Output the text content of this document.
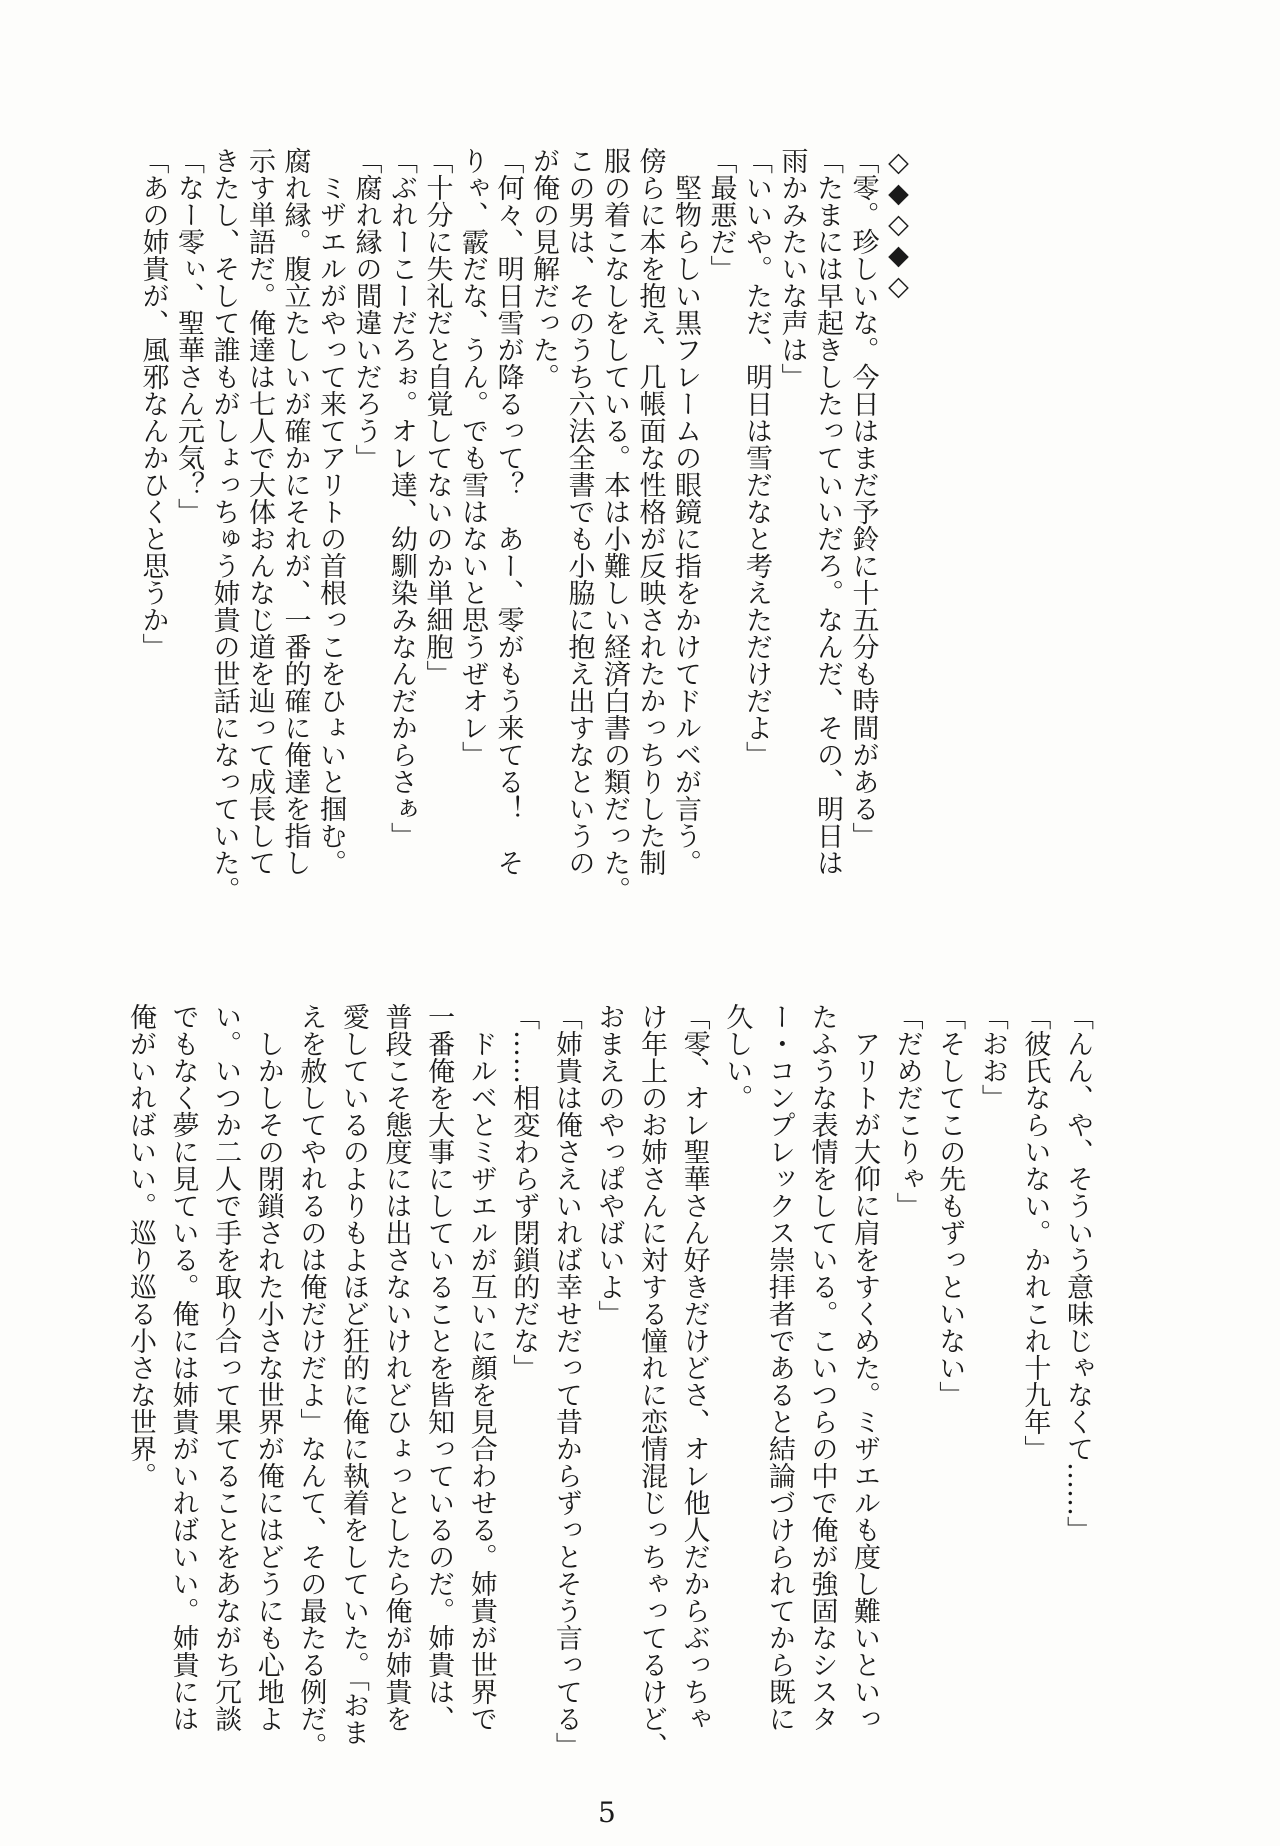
◇◆◇◆◇
「零。珍しいな。今日はまだ予鈴に十五分も時間がある」
「たまには早起きしたっていいだろ。なんだ、その、明日は
雨かみたいな声は」
「いいや。ただ、明日は雪だなと考えただけだよ」
「最悪だ」
　堅物らしい黒フレームの眼鏡に指をかけてドルベが言う。
傍らに本を抱え、几帳面な性格が反映されたかっちりした制
服の着こなしをしている。本は小難しい経済白書の類だった。
この男は、そのうち六法全書でも小脇に抱え出すなというの
が俺の見解だった。
「何々、明日雪が降るって？　あー、零がもう来てる！　そ
りゃ、霰だな、うん。でも雪はないと思うぜオレ」
「十分に失礼だと自覚してないのか単細胞」
「ぶれーこーだろぉ。オレ達、幼馴染みなんだからさぁ」
「腐れ縁の間違いだろう」
　ミザエルがやって来てアリトの首根っこをひょいと掴む。
腐れ縁。腹立たしいが確かにそれが、一番的確に俺達を指し
示す単語だ。俺達は七人で大体おんなじ道を辿って成長して
きたし、そして誰もがしょっちゅう姉貴の世話になっていた。
「なー零ぃ、聖華さん元気？」
「あの姉貴が、風邪なんかひくと思うか」
「んん、や、そういう意味じゃなくて……」
「彼氏ならいない。かれこれ十九年」
「おお」
「そしてこの先もずっといない」
「だめだこりゃ」
　アリトが大仰に肩をすくめた。ミザエルも度し難いといっ
たふうな表情をしている。こいつらの中で俺が強固なシスタ
ー・コンプレックス崇拝者であると結論づけられてから既に
久しい。
「零、オレ聖華さん好きだけどさ、オレ他人だからぶっちゃ
け年上のお姉さんに対する憧れに恋情混じっちゃってるけど、
おまえのやっぱやばいよ」
「姉貴は俺さえいれば幸せだって昔からずっとそう言ってる」
「……相変わらず閉鎖的だな」
　ドルベとミザエルが互いに顔を見合わせる。姉貴が世界で
一番俺を大事にしていることを皆知っているのだ。姉貴は、
普段こそ態度には出さないけれどひょっとしたら俺が姉貴を
愛しているのよりもよほど狂的に俺に執着をしていた。「おま
えを赦してやれるのは俺だけだよ」なんて、その最たる例だ。
　しかしその閉鎖された小さな世界が俺にはどうにも心地よ
い。いつか二人で手を取り合って果てることをあながち冗談
でもなく夢に見ている。俺には姉貴がいればいい。姉貴には
俺がいればいい。巡り巡る小さな世界。
5
